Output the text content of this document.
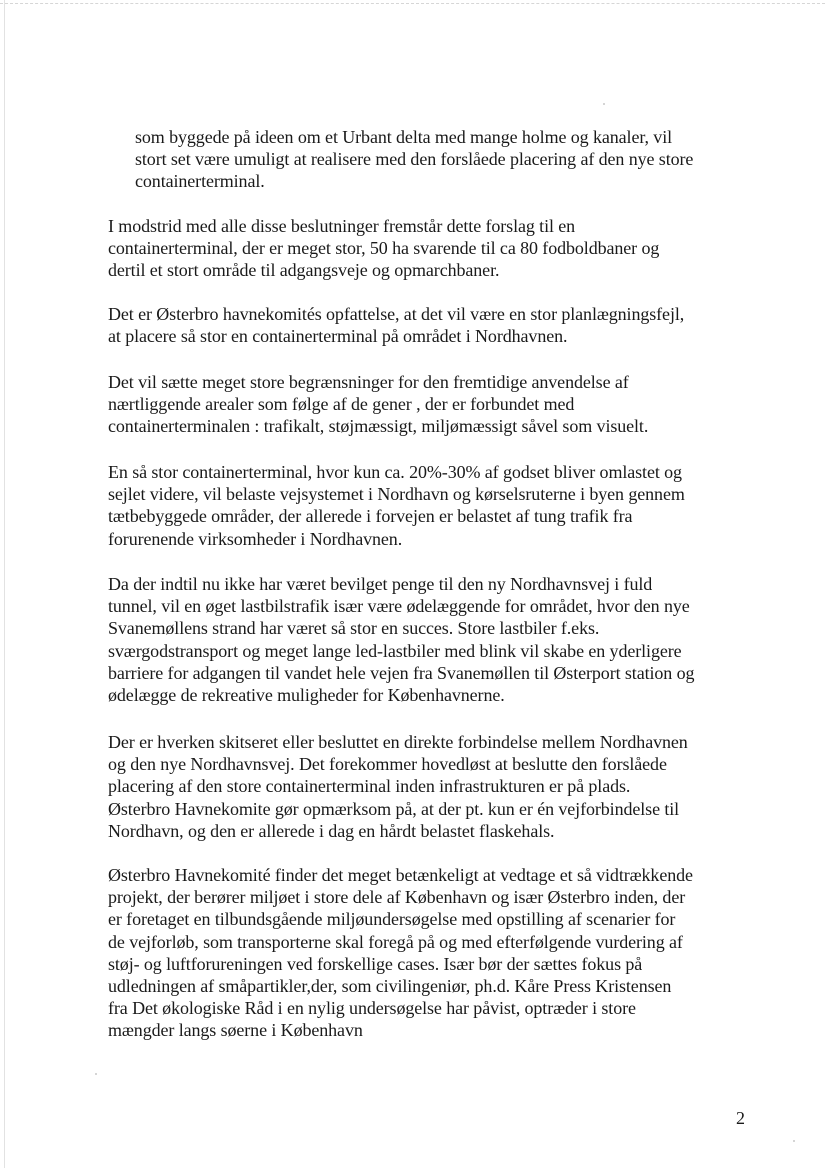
som byggede på ideen om et Urbant delta med mange holme og kanaler, vil
stort set være umuligt at realisere med den forslåede placering af den nye store
containerterminal.

I modstrid med alle disse beslutninger fremstår dette forslag til en
containerterminal, der er meget stor, 50 ha svarende til ca 80 fodboldbaner og
dertil et stort område til adgangsveje og opmarchbaner.

Det er Østerbro havnekomités opfattelse, at det vil være en stor planlægningsfejl,
at placere så stor en containerterminal på området i Nordhavnen.

Det vil sætte meget store begrænsninger for den fremtidige anvendelse af
nærtliggende arealer som følge af de gener , der er forbundet med
containerterminalen : trafikalt, støjmæssigt, miljømæssigt såvel som visuelt.

En så stor containerterminal, hvor kun ca. 20%-30% af godset bliver omlastet og
sejlet videre, vil belaste vejsystemet i Nordhavn og kørselsruterne i byen gennem
tætbebyggede områder, der allerede i forvejen er belastet af tung trafik fra
forurenende virksomheder i Nordhavnen.

Da der indtil nu ikke har været bevilget penge til den ny Nordhavnsvej i fuld
tunnel, vil en øget lastbilstrafik især være ødelæggende for området, hvor den nye
Svanemøllens strand har været så stor en succes. Store lastbiler f.eks.
sværgodstransport og meget lange led-lastbiler med blink vil skabe en yderligere
barriere for adgangen til vandet hele vejen fra Svanemøllen til Østerport station og
ødelægge de rekreative muligheder for Københavnerne.

Der er hverken skitseret eller besluttet en direkte forbindelse mellem Nordhavnen
og den nye Nordhavnsvej. Det forekommer hovedløst at beslutte den forslåede
placering af den store containerterminal inden infrastrukturen er på plads.
Østerbro Havnekomite gør opmærksom på, at der pt. kun er én vejforbindelse til
Nordhavn, og den er allerede i dag en hårdt belastet flaskehals.

Østerbro Havnekomité finder det meget betænkeligt at vedtage et så vidtrækkende
projekt, der berører miljøet i store dele af København og især Østerbro inden, der
er foretaget en tilbundsgående miljøundersøgelse med opstilling af scenarier for
de vejforløb, som transporterne skal foregå på og med efterfølgende vurdering af
støj- og luftforureningen ved forskellige cases. Især bør der sættes fokus på
udledningen af småpartikler,der, som civilingeniør, ph.d. Kåre Press Kristensen
fra Det økologiske Råd i en nylig undersøgelse har påvist, optræder i store
mængder langs søerne i København

2
